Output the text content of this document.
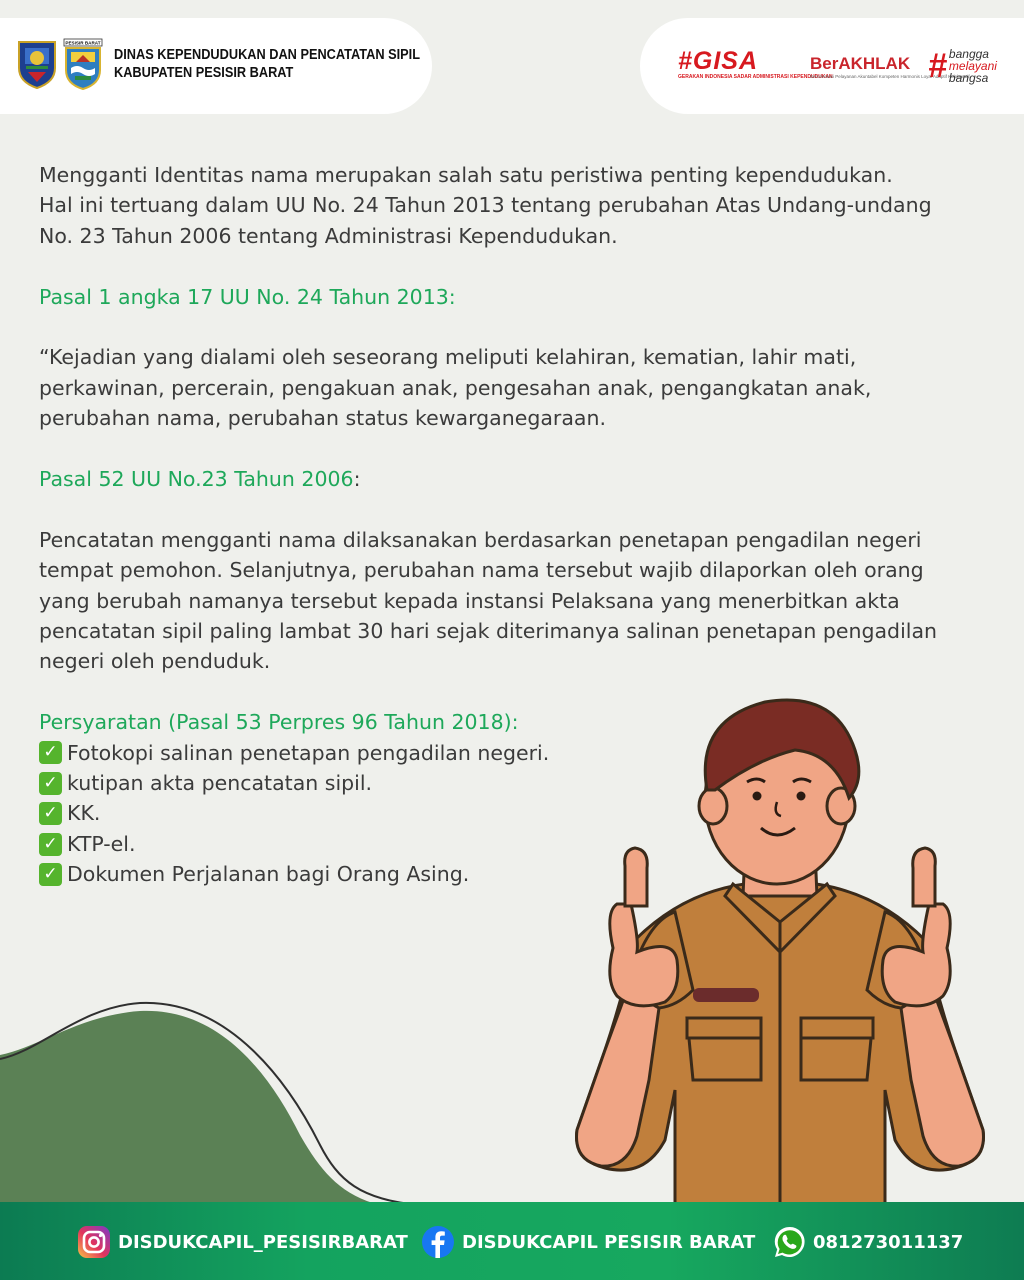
PESISIR BARAT
DINAS KEPENDUDUKAN DAN PENCATATAN SIPIL
KABUPATEN PESISIR BARAT	#GISA
GERAKAN INDONESIA SADAR ADMINISTRASI KEPENDUDUKAN
BerAKHLAK
Berorientasi Pelayanan Akuntabel Kompeten Harmonis Loyal Adaptif Kolaboratif
# bangga
melayani
bangsa

Mengganti Identitas nama merupakan salah satu peristiwa penting kependudukan.

Hal ini tertuang dalam UU No. 24 Tahun 2013 tentang perubahan Atas Undang-undang

No. 23 Tahun 2006 tentang Administrasi Kependudukan.

Pasal 1 angka 17 UU No. 24 Tahun 2013:

“Kejadian yang dialami oleh seseorang meliputi kelahiran, kematian, lahir mati,

perkawinan, percerain, pengakuan anak, pengesahan anak, pengangkatan anak,

perubahan nama, perubahan status kewarganegaraan.

Pasal 52 UU No.23 Tahun 2006:

Pencatatan mengganti nama dilaksanakan berdasarkan penetapan pengadilan negeri

tempat pemohon. Selanjutnya, perubahan nama tersebut wajib dilaporkan oleh orang

yang berubah namanya tersebut kepada instansi Pelaksana yang menerbitkan akta

pencatatan sipil paling lambat 30 hari sejak diterimanya salinan penetapan pengadilan

negeri oleh penduduk.

Persyaratan (Pasal 53 Perpres 96 Tahun 2018):

✓ Fotokopi salinan penetapan pengadilan negeri.
✓ kutipan akta pencatatan sipil.
✓ KK.
✓ KTP-el.
✓ Dokumen Perjalanan bagi Orang Asing.
DISDUKCAPIL_PESISIRBARAT	DISDUKCAPIL PESISIR BARAT	081273011137
